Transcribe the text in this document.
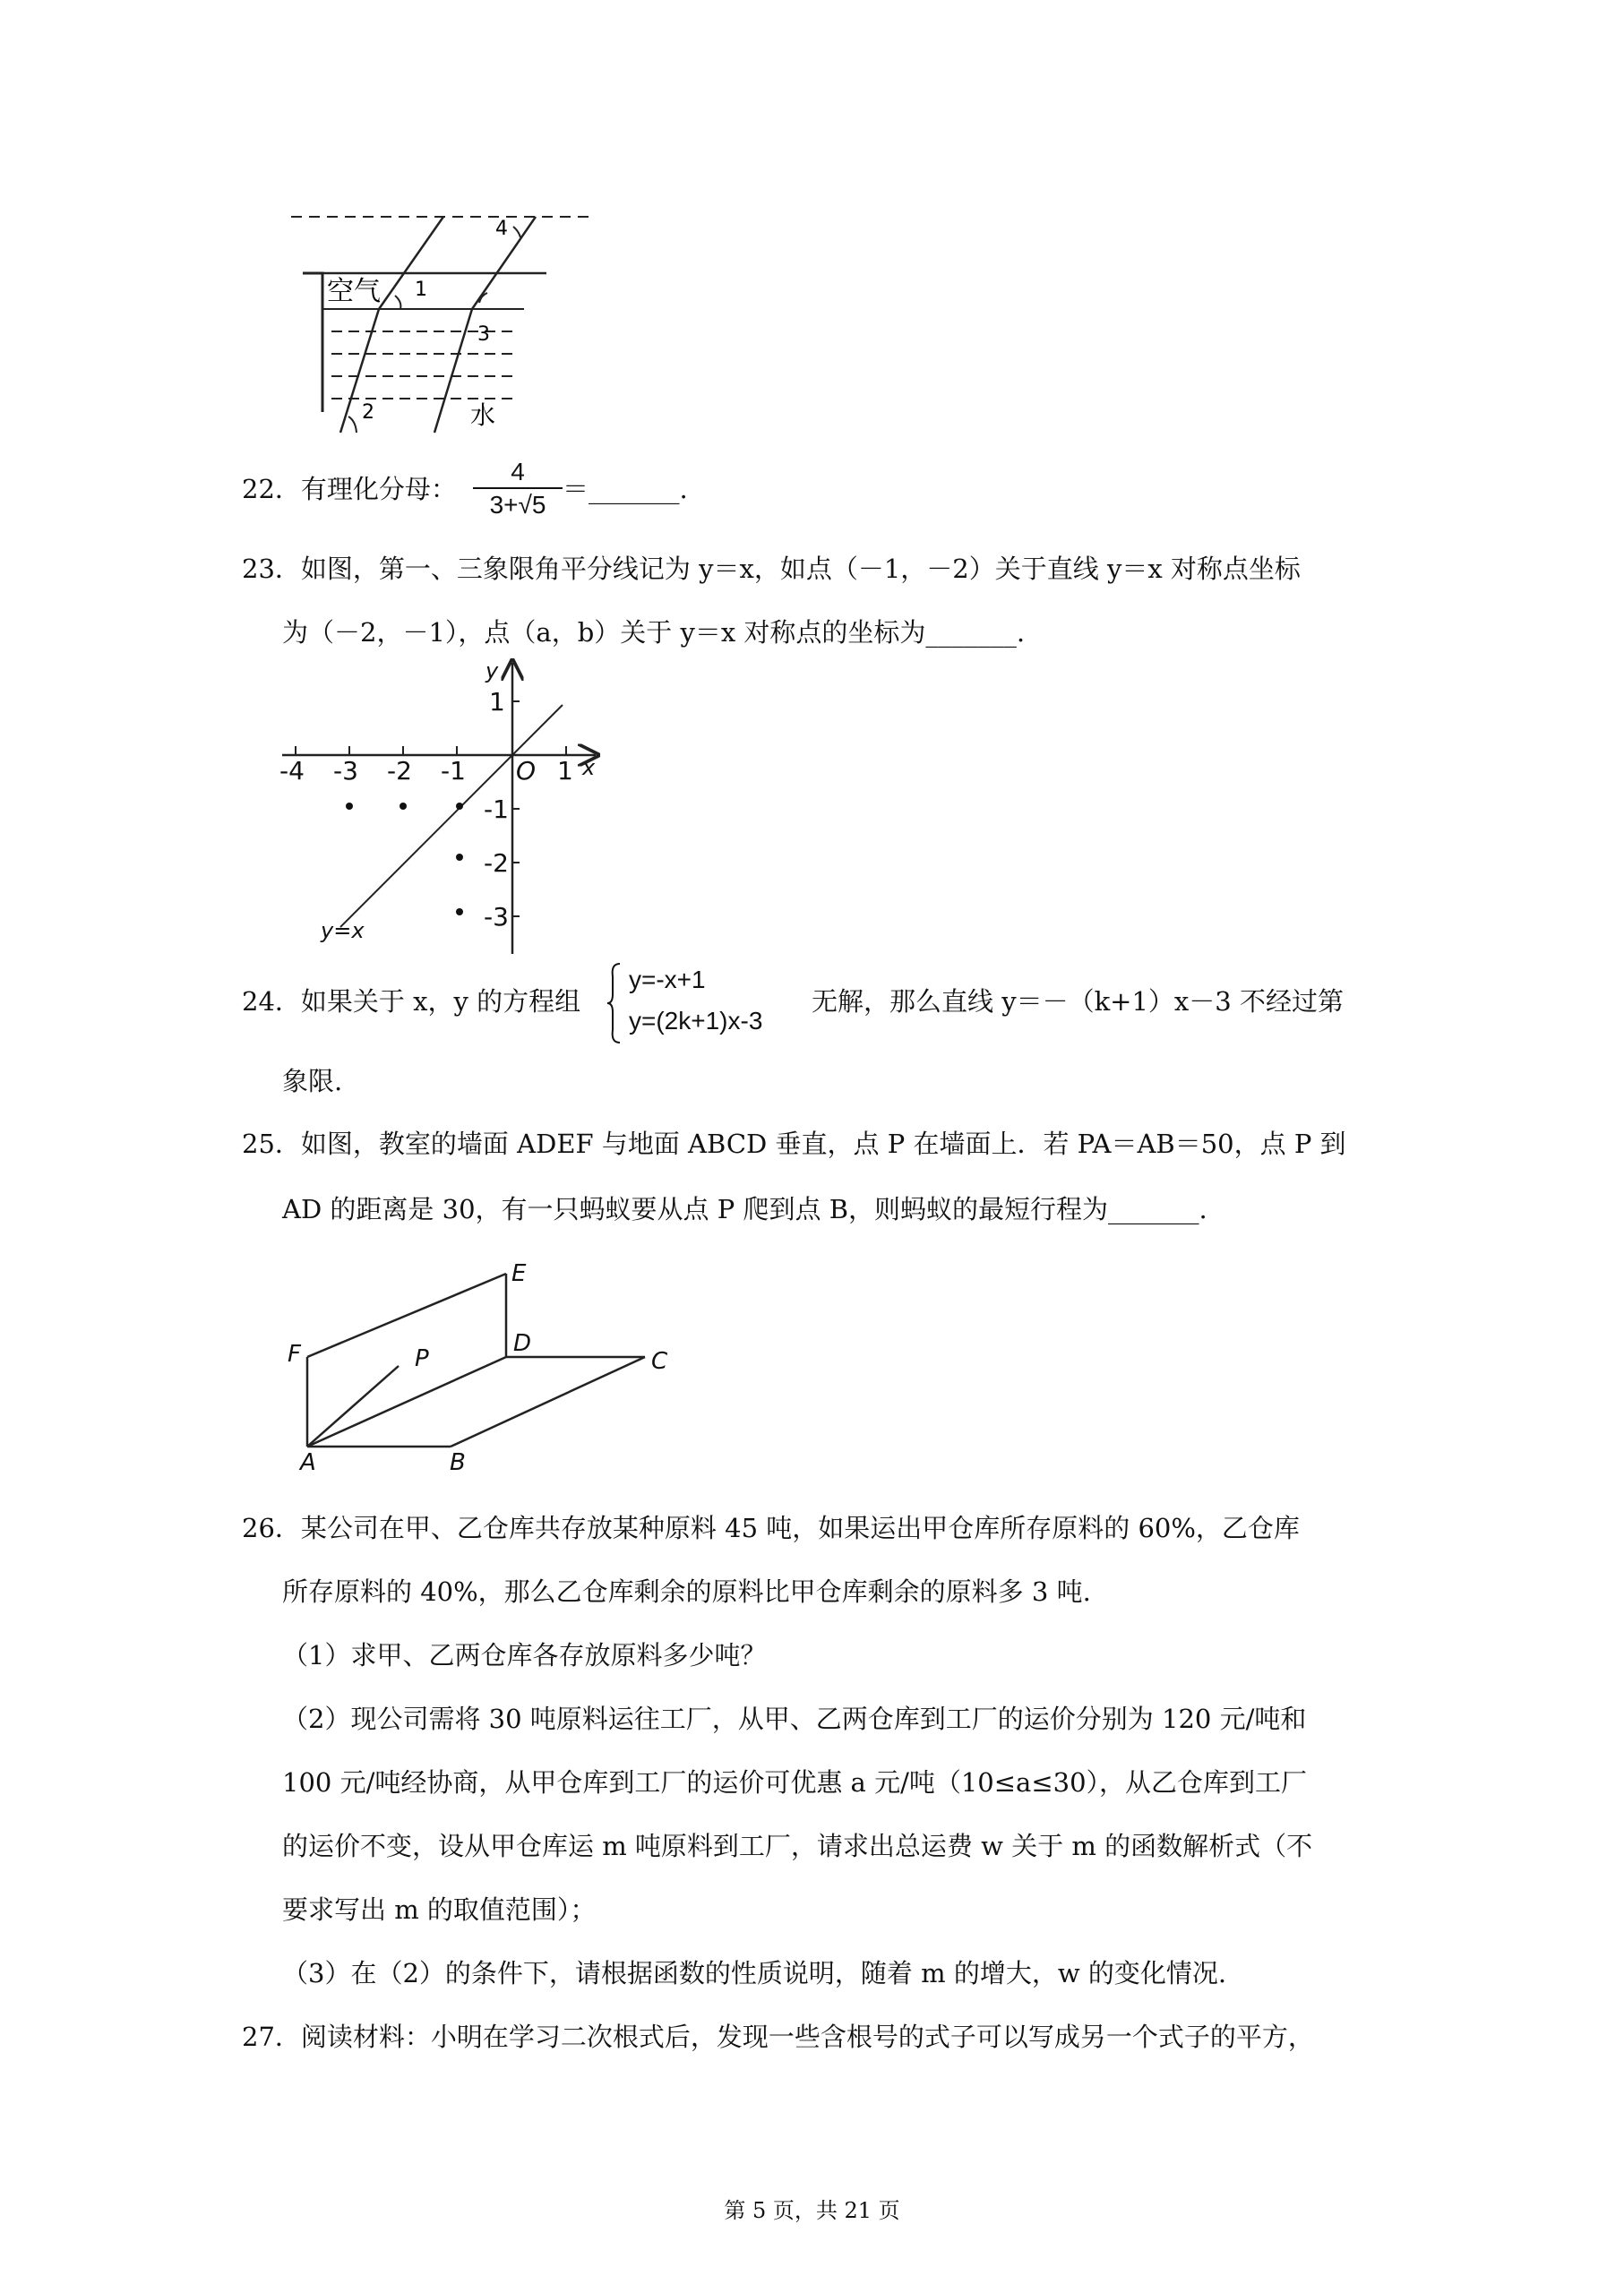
空气
水
1
2
3
4
22．有理化分母： $\frac{4}{3+√5}$ ＝_______.
23．如图，第一、三象限角平分线记为 y＝x，如点（－1，－2）关于直线 y＝x 对称点坐标
为（－2，－1），点（a，b）关于 y＝x 对称点的坐标为_______.
-4 -3 -2 -1	1
O x
y
1
-1
-2
-3
y=x
24．如果关于 x，y 的方程组
y=-x+1
y=(2k+1)x-3
无解，那么直线 y＝－（k+1）x－3 不经过第
象限.
25．如图，教室的墙面 ADEF 与地面 ABCD 垂直，点 P 在墙面上．若 PA＝AB＝50，点 P 到
AD 的距离是 30，有一只蚂蚁要从点 P 爬到点 B，则蚂蚁的最短行程为_______.
E
F	P
D
C
A	B
26．某公司在甲、乙仓库共存放某种原料 45 吨，如果运出甲仓库所存原料的 60%，乙仓库
所存原料的 40%，那么乙仓库剩余的原料比甲仓库剩余的原料多 3 吨.
（1）求甲、乙两仓库各存放原料多少吨？
（2）现公司需将 30 吨原料运往工厂，从甲、乙两仓库到工厂的运价分别为 120 元/吨和
100 元/吨经协商，从甲仓库到工厂的运价可优惠 a 元/吨（10≤a≤30），从乙仓库到工厂
的运价不变，设从甲仓库运 m 吨原料到工厂，请求出总运费 w 关于 m 的函数解析式（不
要求写出 m 的取值范围）；
（3）在（2）的条件下，请根据函数的性质说明，随着 m 的增大，w 的变化情况.
27．阅读材料：小明在学习二次根式后，发现一些含根号的式子可以写成另一个式子的平方，
第 5 页，共 21 页
